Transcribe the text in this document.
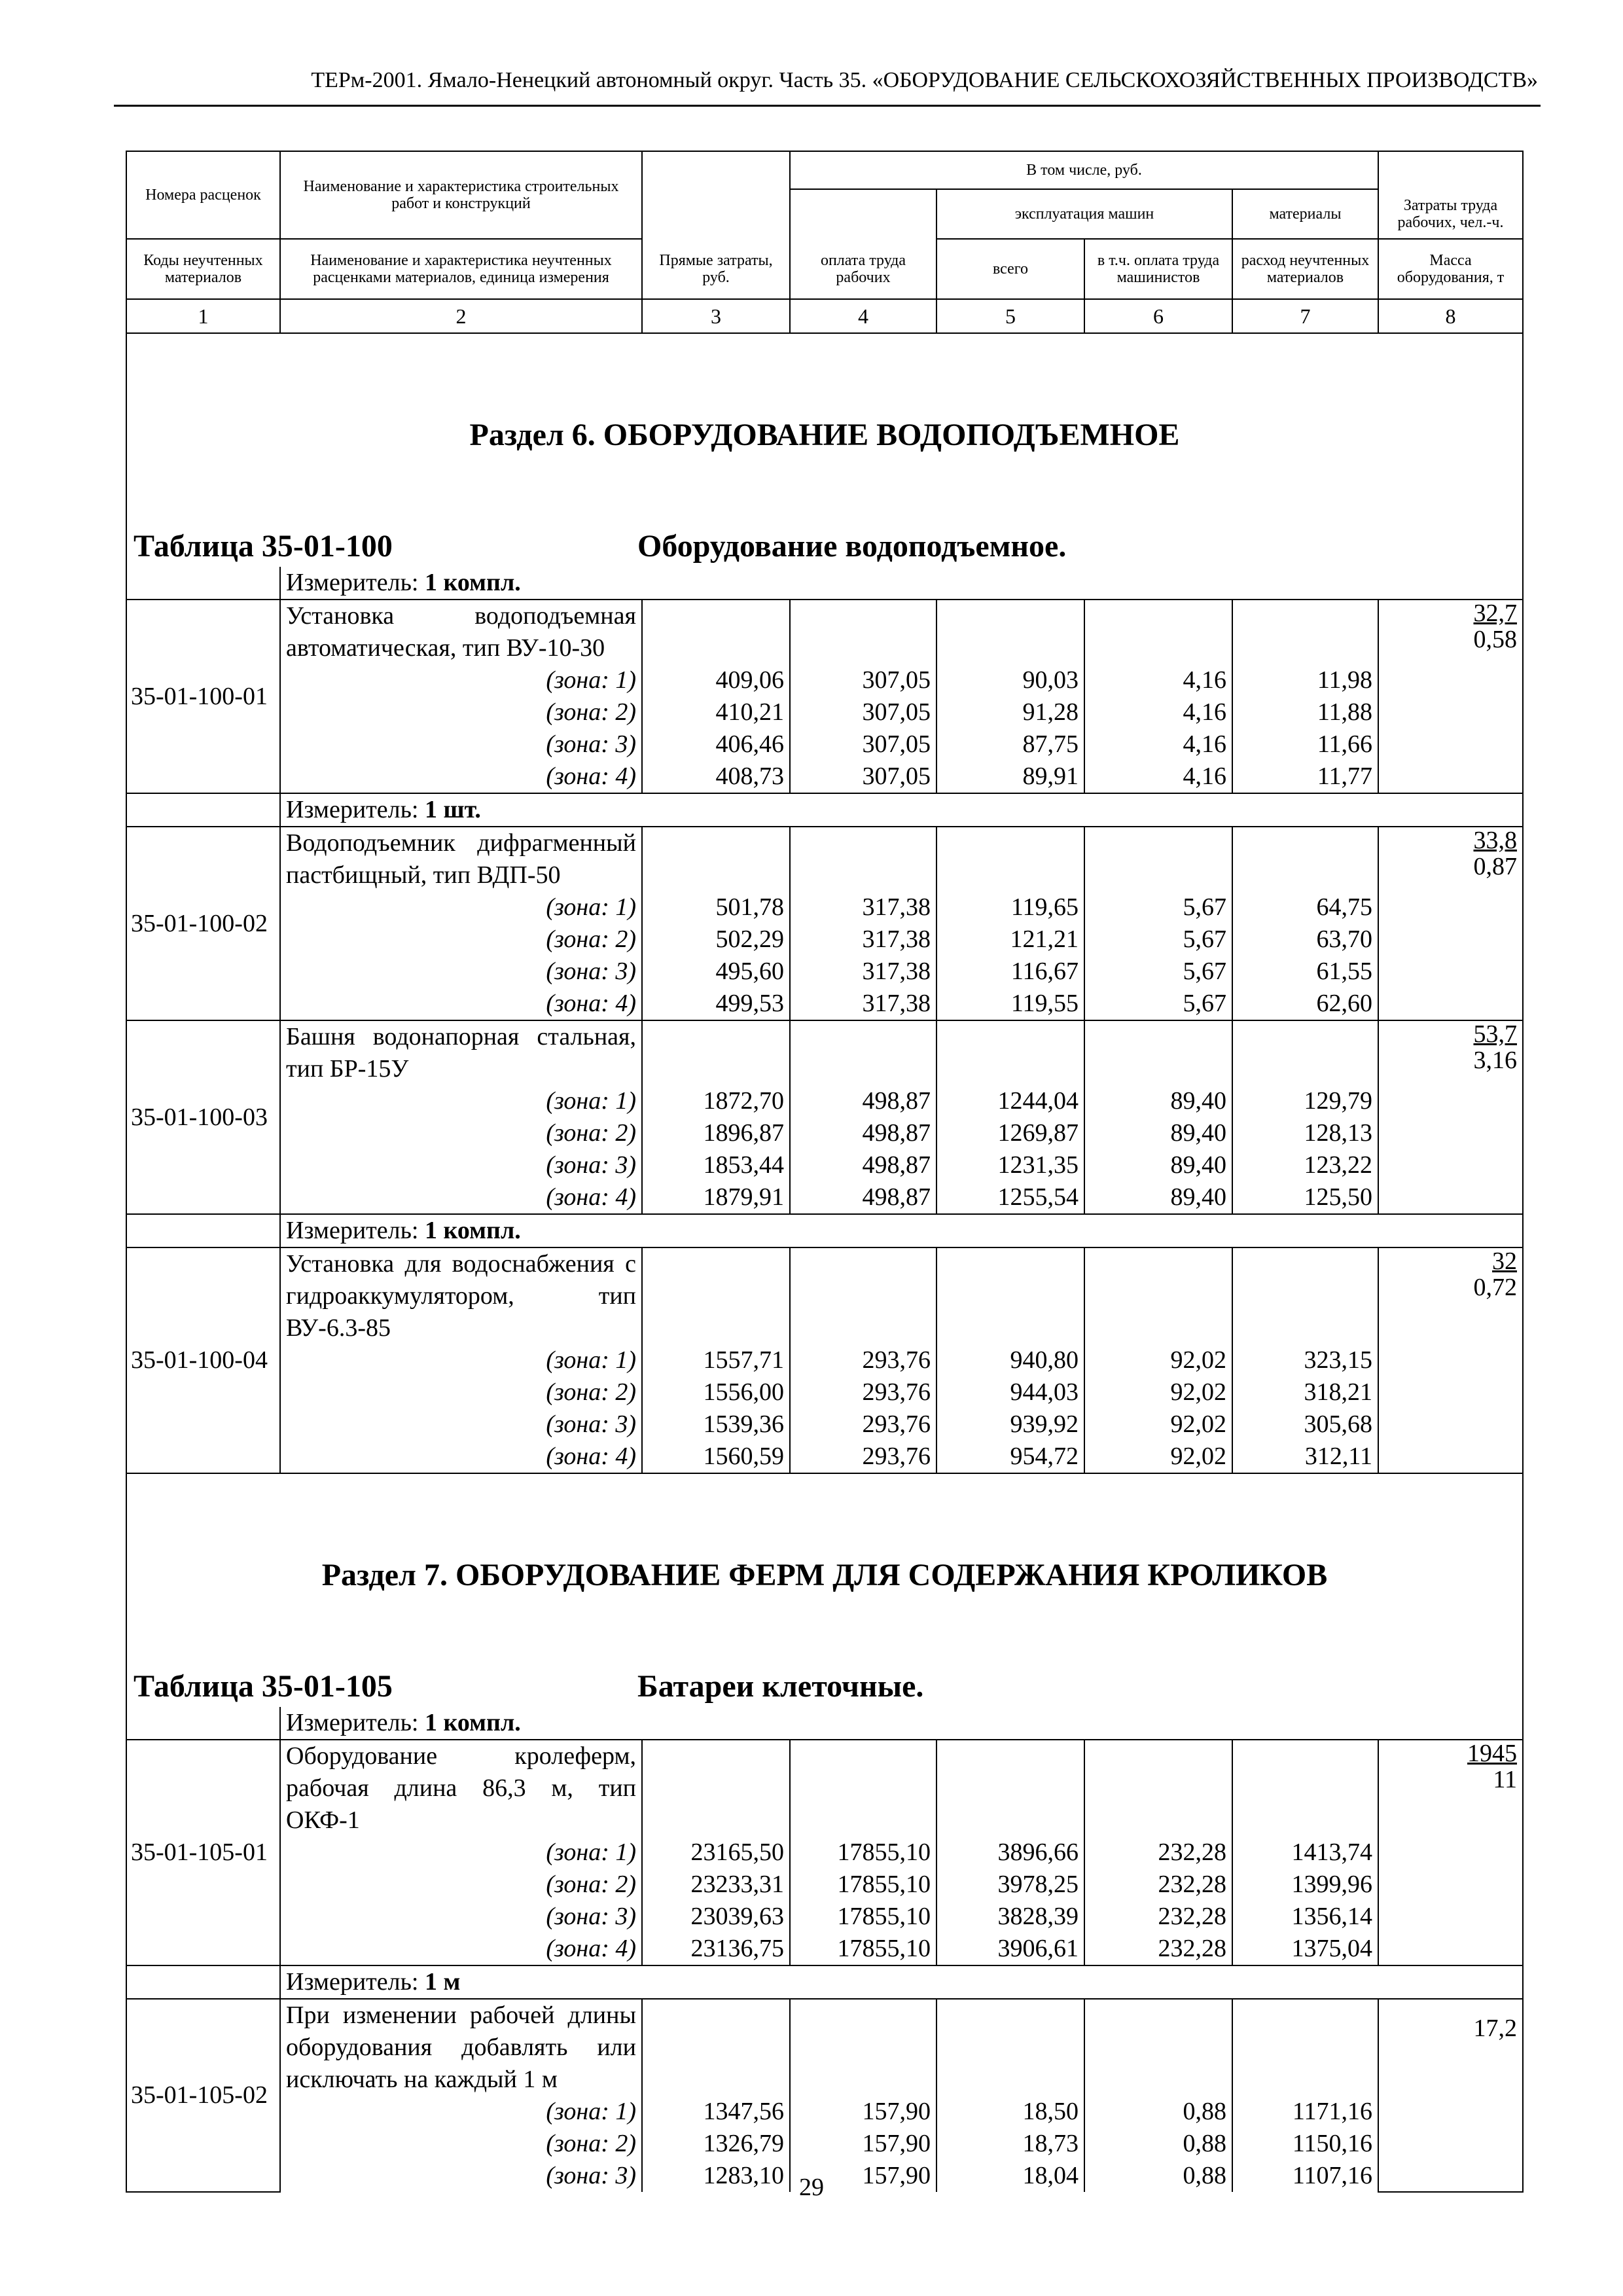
ТЕРм-2001. Ямало-Ненецкий автономный округ. Часть 35. «ОБОРУДОВАНИЕ СЕЛЬСКОХОЗЯЙСТВЕННЫХ ПРОИЗВОДСТВ»
Номера расценок	Наименование и характеристика строительных работ и конструкций		В том числе, руб.				
				эксплуатация машин		материалы	Затраты труда рабочих, чел.-ч.
Коды неучтенных материалов	Наименование и характеристика неучтенных расценками материалов, единица измерения	Прямые затраты, руб.	оплата труда рабочих	всего	в т.ч. оплата труда машинистов	расход неучтенных материалов	Масса оборудования, т
1	2	3	4	5	6	7	8

Раздел 6. ОБОРУДОВАНИЕ ВОДОПОДЪЕМНОЕ
Таблица 35-01-100 Оборудование водоподъемное.							

	Измеритель: 1 компл.						
35-01-100-01	Установка водоподъемная автоматическая, тип ВУ-10-30						32,7
0,58

	(зона: 1)	409,06	307,05	90,03	4,16	11,98	
	(зона: 2)	410,21	307,05	91,28	4,16	11,88	
	(зона: 3)	406,46	307,05	87,75	4,16	11,66	
	(зона: 4)	408,73	307,05	89,91	4,16	11,77	
	Измеритель: 1 шт.						
35-01-100-02	Водоподъемник дифрагменный пастбищный, тип ВДП-50						33,8
0,87

	(зона: 1)	501,78	317,38	119,65	5,67	64,75	
	(зона: 2)	502,29	317,38	121,21	5,67	63,70	
	(зона: 3)	495,60	317,38	116,67	5,67	61,55	
	(зона: 4)	499,53	317,38	119,55	5,67	62,60	
35-01-100-03	Башня водонапорная стальная, тип БР-15У						53,7
3,16

	(зона: 1)	1872,70	498,87	1244,04	89,40	129,79	
	(зона: 2)	1896,87	498,87	1269,87	89,40	128,13	
	(зона: 3)	1853,44	498,87	1231,35	89,40	123,22	
	(зона: 4)	1879,91	498,87	1255,54	89,40	125,50	
	Измеритель: 1 компл.						
35-01-100-04	Установка для водоснабжения с гидроаккумулятором, тип ВУ-6.3-85						32
0,72

	(зона: 1)	1557,71	293,76	940,80	92,02	323,15	
	(зона: 2)	1556,00	293,76	944,03	92,02	318,21	
	(зона: 3)	1539,36	293,76	939,92	92,02	305,68	
	(зона: 4)	1560,59	293,76	954,72	92,02	312,11	

Раздел 7. ОБОРУДОВАНИЕ ФЕРМ ДЛЯ СОДЕРЖАНИЯ КРОЛИКОВ
Таблица 35-01-105 Батареи клеточные.							

	Измеритель: 1 компл.						
35-01-105-01	Оборудование кролеферм, рабочая длина 86,3 м, тип ОКФ-1						1945
11

	(зона: 1)	23165,50	17855,10	3896,66	232,28	1413,74	
	(зона: 2)	23233,31	17855,10	3978,25	232,28	1399,96	
	(зона: 3)	23039,63	17855,10	3828,39	232,28	1356,14	
	(зона: 4)	23136,75	17855,10	3906,61	232,28	1375,04	
	Измеритель: 1 м						
35-01-105-02	При изменении рабочей длины оборудования добавлять или исключать на каждый 1 м						17,2

	(зона: 1)	1347,56	157,90	18,50	0,88	1171,16	
	(зона: 2)	1326,79	157,90	18,73	0,88	1150,16	
	(зона: 3)	1283,10	157,90	18,04	0,88	1107,16	
29
